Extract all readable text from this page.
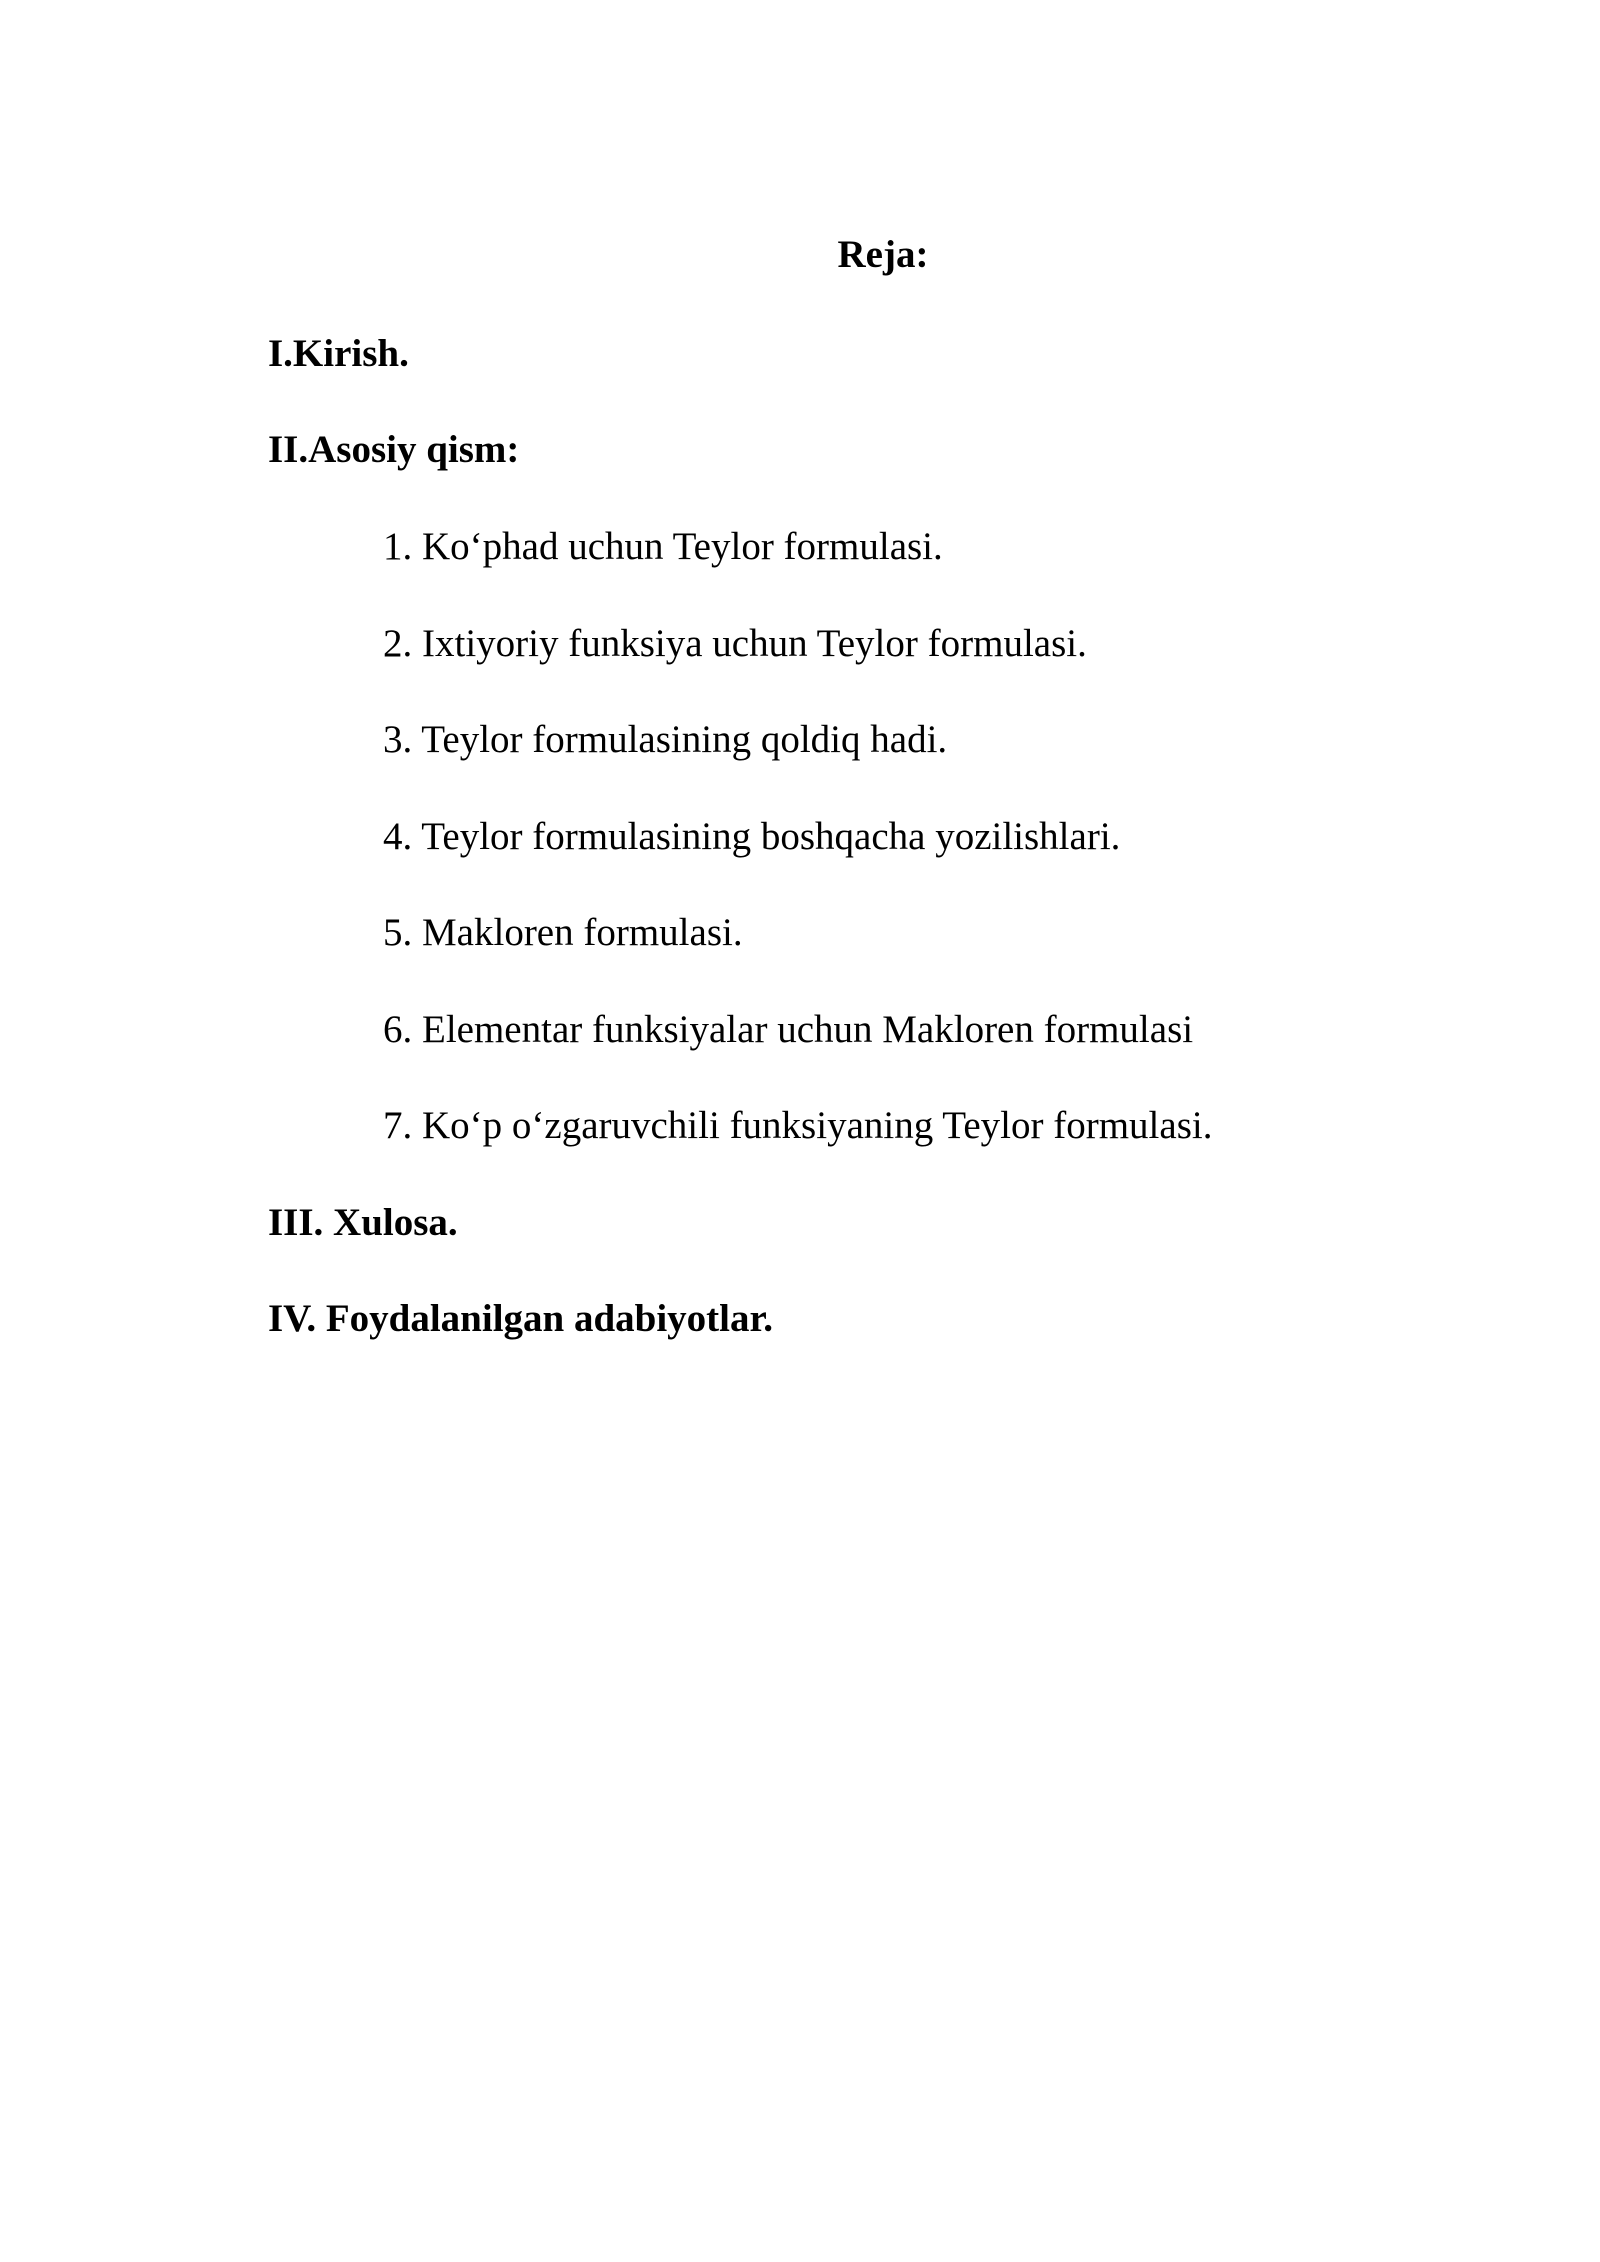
Reja:
I.Kirish.
II.Asosiy qism:
1. Ko‘phad uchun Teylor formulasi.
2. Ixtiyoriy funksiya uchun Teylor formulasi.
3. Teylor formulasining qoldiq hadi.
4. Teylor formulasining boshqacha yozilishlari.
5. Makloren formulasi.
6. Elementar funksiyalar uchun Makloren formulasi
7. Ko‘p o‘zgaruvchili funksiyaning Teylor formulasi.
III. Xulosa.
IV. Foydalanilgan adabiyotlar.
